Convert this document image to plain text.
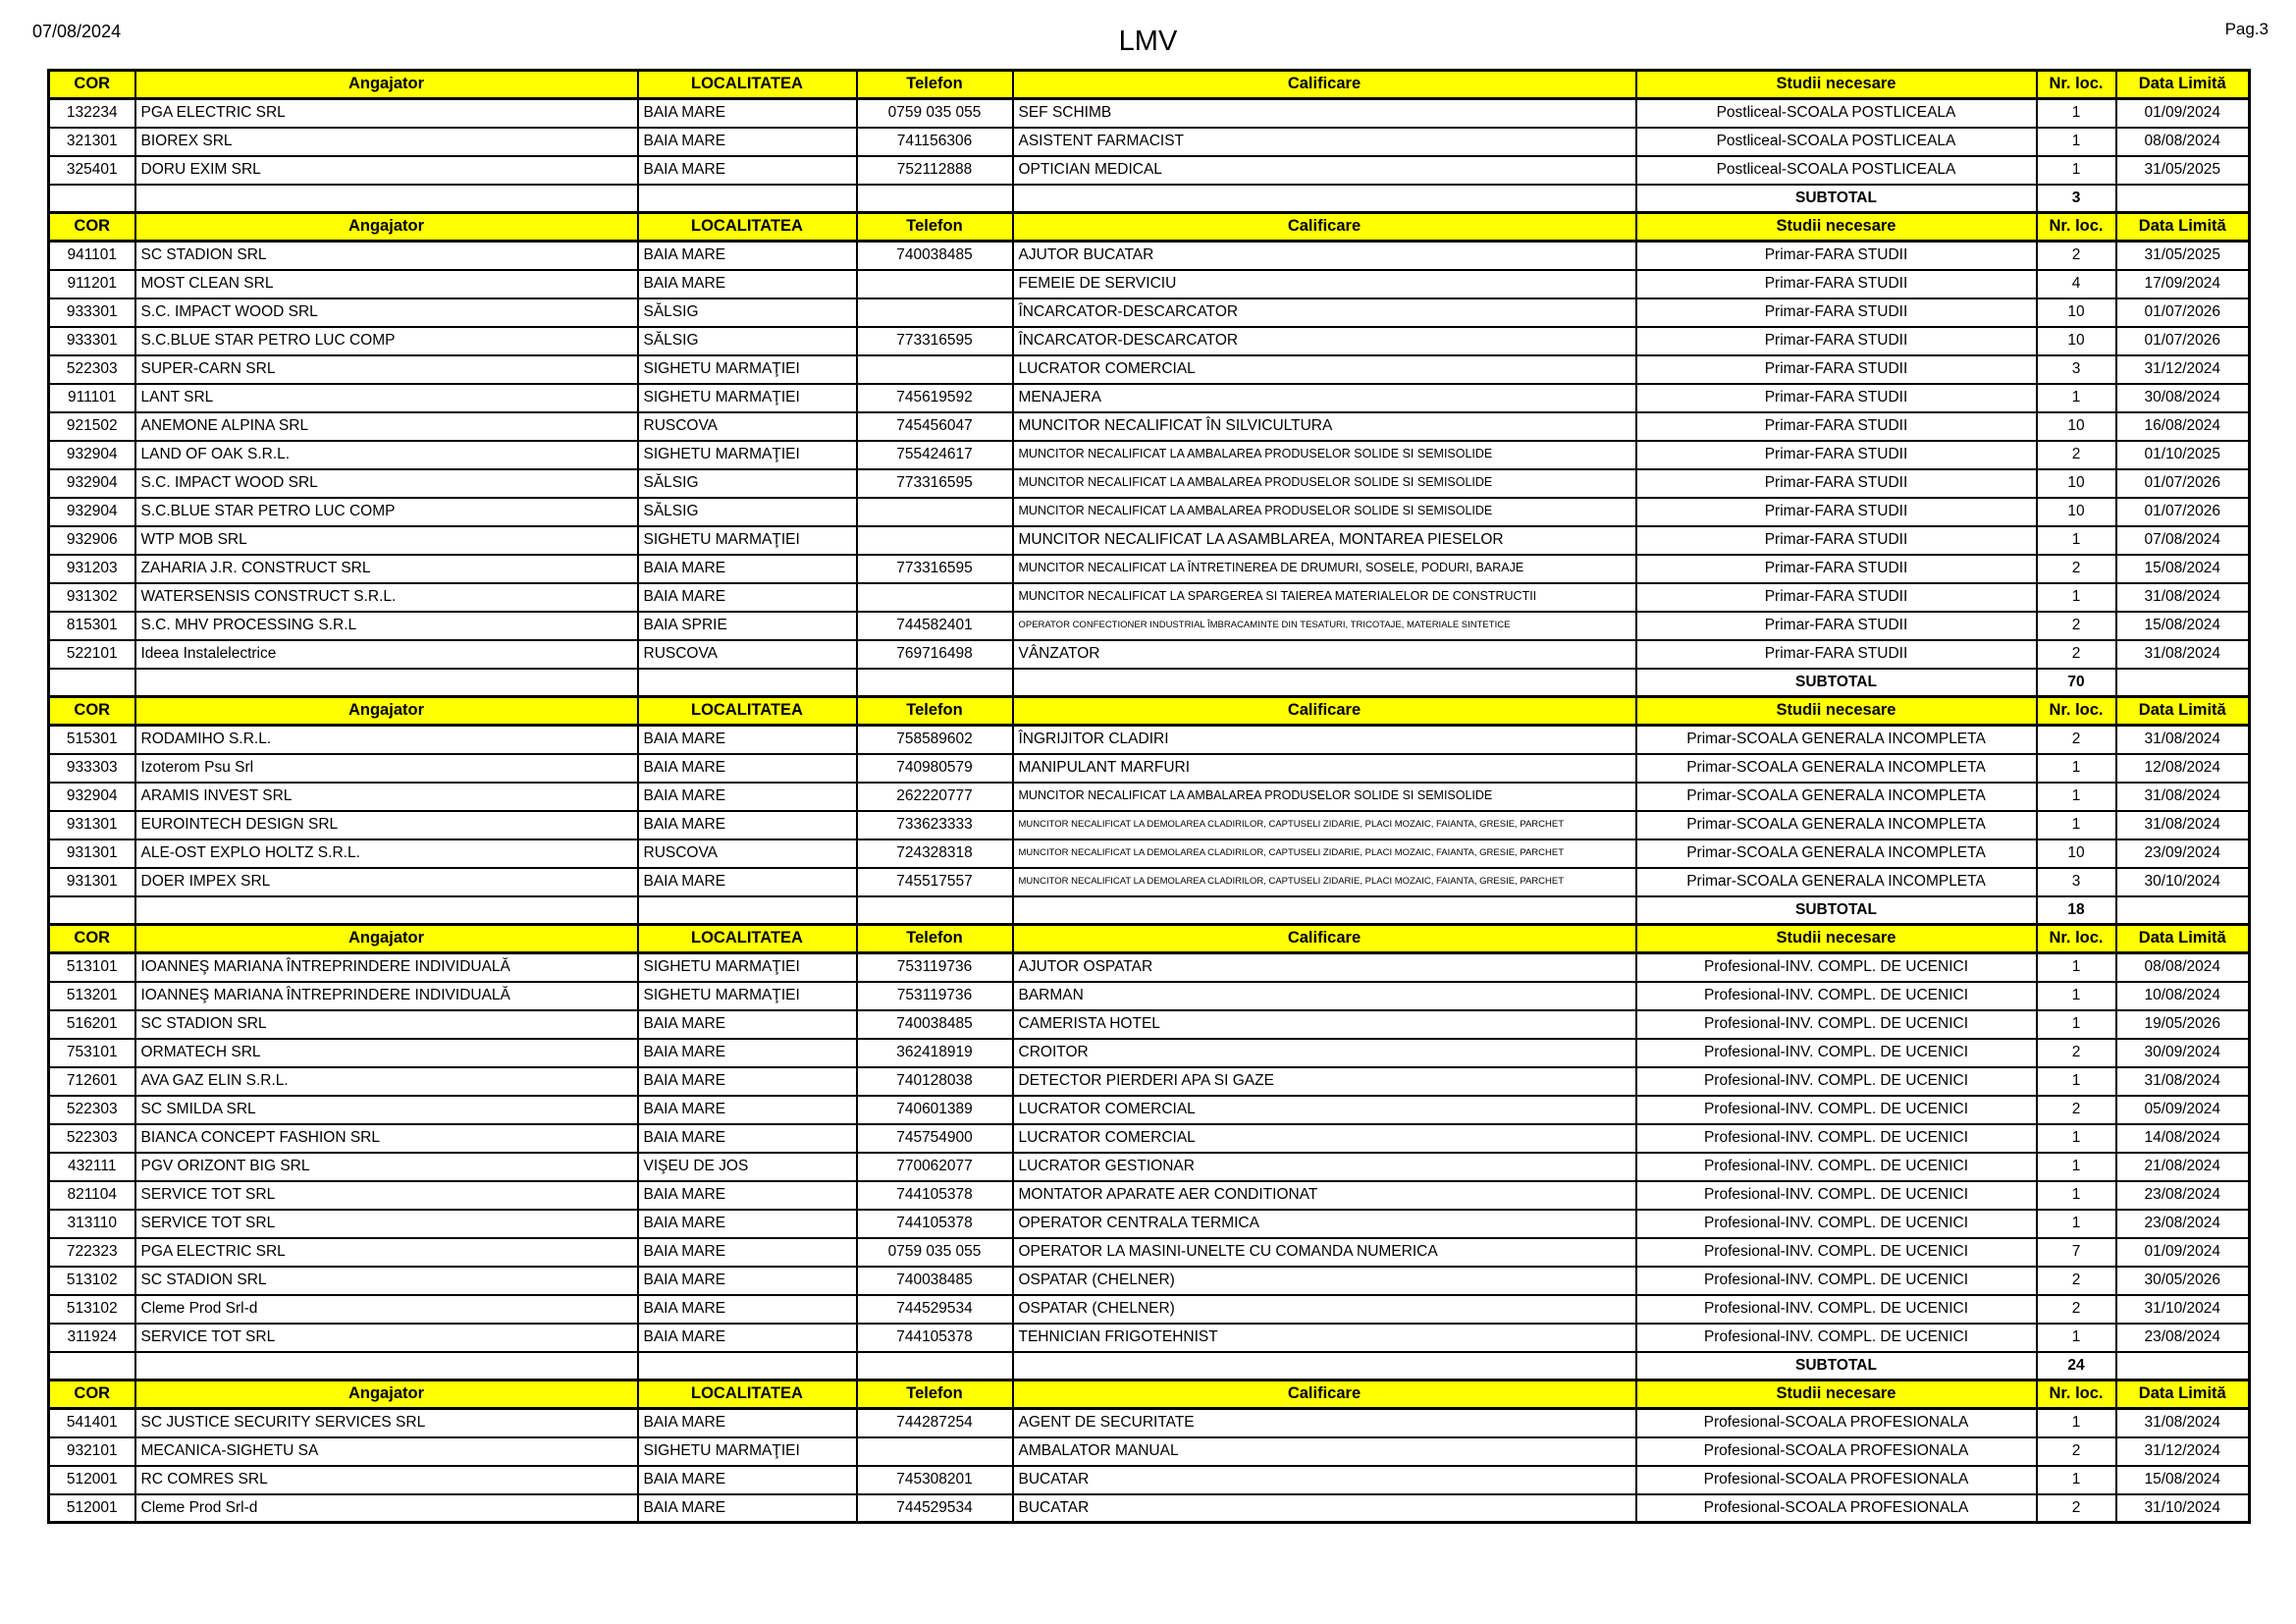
07/08/2024	LMV	Pag.3
COR	Angajator	LOCALITATEA	Telefon	Calificare	Studii necesare	Nr. loc.	Data Limită
132234	PGA ELECTRIC SRL	BAIA MARE	0759 035 055	SEF SCHIMB	Postliceal-SCOALA POSTLICEALA	1	01/09/2024
321301	BIOREX SRL	BAIA MARE	741156306	ASISTENT FARMACIST	Postliceal-SCOALA POSTLICEALA	1	08/08/2024
325401	DORU EXIM SRL	BAIA MARE	752112888	OPTICIAN MEDICAL	Postliceal-SCOALA POSTLICEALA	1	31/05/2025
					SUBTOTAL	3	
COR	Angajator	LOCALITATEA	Telefon	Calificare	Studii necesare	Nr. loc.	Data Limită
941101	SC STADION SRL	BAIA MARE	740038485	AJUTOR BUCATAR	Primar-FARA STUDII	2	31/05/2025
911201	MOST CLEAN SRL	BAIA MARE		FEMEIE DE SERVICIU	Primar-FARA STUDII	4	17/09/2024
933301	S.C. IMPACT WOOD SRL	SĂLSIG		ÎNCARCATOR-DESCARCATOR	Primar-FARA STUDII	10	01/07/2026
933301	S.C.BLUE STAR PETRO LUC COMP	SĂLSIG	773316595	ÎNCARCATOR-DESCARCATOR	Primar-FARA STUDII	10	01/07/2026
522303	SUPER-CARN SRL	SIGHETU MARMAŢIEI		LUCRATOR COMERCIAL	Primar-FARA STUDII	3	31/12/2024
911101	LANT SRL	SIGHETU MARMAŢIEI	745619592	MENAJERA	Primar-FARA STUDII	1	30/08/2024
921502	ANEMONE ALPINA SRL	RUSCOVA	745456047	MUNCITOR NECALIFICAT ÎN SILVICULTURA	Primar-FARA STUDII	10	16/08/2024
932904	LAND OF OAK S.R.L.	SIGHETU MARMAŢIEI	755424617	MUNCITOR NECALIFICAT LA AMBALAREA PRODUSELOR SOLIDE SI SEMISOLIDE	Primar-FARA STUDII	2	01/10/2025
932904	S.C. IMPACT WOOD SRL	SĂLSIG	773316595	MUNCITOR NECALIFICAT LA AMBALAREA PRODUSELOR SOLIDE SI SEMISOLIDE	Primar-FARA STUDII	10	01/07/2026
932904	S.C.BLUE STAR PETRO LUC COMP	SĂLSIG		MUNCITOR NECALIFICAT LA AMBALAREA PRODUSELOR SOLIDE SI SEMISOLIDE	Primar-FARA STUDII	10	01/07/2026
932906	WTP MOB SRL	SIGHETU MARMAŢIEI		MUNCITOR NECALIFICAT LA ASAMBLAREA, MONTAREA PIESELOR	Primar-FARA STUDII	1	07/08/2024
931203	ZAHARIA J.R. CONSTRUCT SRL	BAIA MARE	773316595	MUNCITOR NECALIFICAT LA ÎNTRETINEREA DE DRUMURI, SOSELE, PODURI, BARAJE	Primar-FARA STUDII	2	15/08/2024
931302	WATERSENSIS CONSTRUCT S.R.L.	BAIA MARE		MUNCITOR NECALIFICAT LA SPARGEREA SI TAIEREA MATERIALELOR DE CONSTRUCTII	Primar-FARA STUDII	1	31/08/2024
815301	S.C. MHV PROCESSING S.R.L	BAIA SPRIE	744582401	OPERATOR CONFECTIONER INDUSTRIAL ÎMBRACAMINTE DIN TESATURI, TRICOTAJE, MATERIALE SINTETICE	Primar-FARA STUDII	2	15/08/2024
522101	Ideea Instalelectrice	RUSCOVA	769716498	VÂNZATOR	Primar-FARA STUDII	2	31/08/2024
					SUBTOTAL	70	
COR	Angajator	LOCALITATEA	Telefon	Calificare	Studii necesare	Nr. loc.	Data Limită
515301	RODAMIHO S.R.L.	BAIA MARE	758589602	ÎNGRIJITOR CLADIRI	Primar-SCOALA GENERALA INCOMPLETA	2	31/08/2024
933303	Izoterom Psu Srl	BAIA MARE	740980579	MANIPULANT MARFURI	Primar-SCOALA GENERALA INCOMPLETA	1	12/08/2024
932904	ARAMIS INVEST SRL	BAIA MARE	262220777	MUNCITOR NECALIFICAT LA AMBALAREA PRODUSELOR SOLIDE SI SEMISOLIDE	Primar-SCOALA GENERALA INCOMPLETA	1	31/08/2024
931301	EUROINTECH DESIGN SRL	BAIA MARE	733623333	MUNCITOR NECALIFICAT LA DEMOLAREA CLADIRILOR, CAPTUSELI ZIDARIE, PLACI MOZAIC, FAIANTA, GRESIE, PARCHET	Primar-SCOALA GENERALA INCOMPLETA	1	31/08/2024
931301	ALE-OST EXPLO HOLTZ S.R.L.	RUSCOVA	724328318	MUNCITOR NECALIFICAT LA DEMOLAREA CLADIRILOR, CAPTUSELI ZIDARIE, PLACI MOZAIC, FAIANTA, GRESIE, PARCHET	Primar-SCOALA GENERALA INCOMPLETA	10	23/09/2024
931301	DOER IMPEX SRL	BAIA MARE	745517557	MUNCITOR NECALIFICAT LA DEMOLAREA CLADIRILOR, CAPTUSELI ZIDARIE, PLACI MOZAIC, FAIANTA, GRESIE, PARCHET	Primar-SCOALA GENERALA INCOMPLETA	3	30/10/2024
					SUBTOTAL	18	
COR	Angajator	LOCALITATEA	Telefon	Calificare	Studii necesare	Nr. loc.	Data Limită
513101	IOANNEŞ MARIANA ÎNTREPRINDERE INDIVIDUALĂ	SIGHETU MARMAŢIEI	753119736	AJUTOR OSPATAR	Profesional-INV. COMPL. DE UCENICI	1	08/08/2024
513201	IOANNEŞ MARIANA ÎNTREPRINDERE INDIVIDUALĂ	SIGHETU MARMAŢIEI	753119736	BARMAN	Profesional-INV. COMPL. DE UCENICI	1	10/08/2024
516201	SC STADION SRL	BAIA MARE	740038485	CAMERISTA HOTEL	Profesional-INV. COMPL. DE UCENICI	1	19/05/2026
753101	ORMATECH SRL	BAIA MARE	362418919	CROITOR	Profesional-INV. COMPL. DE UCENICI	2	30/09/2024
712601	AVA GAZ ELIN S.R.L.	BAIA MARE	740128038	DETECTOR PIERDERI APA SI GAZE	Profesional-INV. COMPL. DE UCENICI	1	31/08/2024
522303	SC SMILDA SRL	BAIA MARE	740601389	LUCRATOR COMERCIAL	Profesional-INV. COMPL. DE UCENICI	2	05/09/2024
522303	BIANCA CONCEPT FASHION SRL	BAIA MARE	745754900	LUCRATOR COMERCIAL	Profesional-INV. COMPL. DE UCENICI	1	14/08/2024
432111	PGV ORIZONT BIG SRL	VIŞEU DE JOS	770062077	LUCRATOR GESTIONAR	Profesional-INV. COMPL. DE UCENICI	1	21/08/2024
821104	SERVICE TOT SRL	BAIA MARE	744105378	MONTATOR APARATE AER CONDITIONAT	Profesional-INV. COMPL. DE UCENICI	1	23/08/2024
313110	SERVICE TOT SRL	BAIA MARE	744105378	OPERATOR CENTRALA TERMICA	Profesional-INV. COMPL. DE UCENICI	1	23/08/2024
722323	PGA ELECTRIC SRL	BAIA MARE	0759 035 055	OPERATOR LA MASINI-UNELTE CU COMANDA NUMERICA	Profesional-INV. COMPL. DE UCENICI	7	01/09/2024
513102	SC STADION SRL	BAIA MARE	740038485	OSPATAR (CHELNER)	Profesional-INV. COMPL. DE UCENICI	2	30/05/2026
513102	Cleme Prod Srl-d	BAIA MARE	744529534	OSPATAR (CHELNER)	Profesional-INV. COMPL. DE UCENICI	2	31/10/2024
311924	SERVICE TOT SRL	BAIA MARE	744105378	TEHNICIAN FRIGOTEHNIST	Profesional-INV. COMPL. DE UCENICI	1	23/08/2024
					SUBTOTAL	24	
COR	Angajator	LOCALITATEA	Telefon	Calificare	Studii necesare	Nr. loc.	Data Limită
541401	SC JUSTICE SECURITY SERVICES SRL	BAIA MARE	744287254	AGENT DE SECURITATE	Profesional-SCOALA PROFESIONALA	1	31/08/2024
932101	MECANICA-SIGHETU SA	SIGHETU MARMAŢIEI		AMBALATOR MANUAL	Profesional-SCOALA PROFESIONALA	2	31/12/2024
512001	RC COMRES SRL	BAIA MARE	745308201	BUCATAR	Profesional-SCOALA PROFESIONALA	1	15/08/2024
512001	Cleme Prod Srl-d	BAIA MARE	744529534	BUCATAR	Profesional-SCOALA PROFESIONALA	2	31/10/2024
